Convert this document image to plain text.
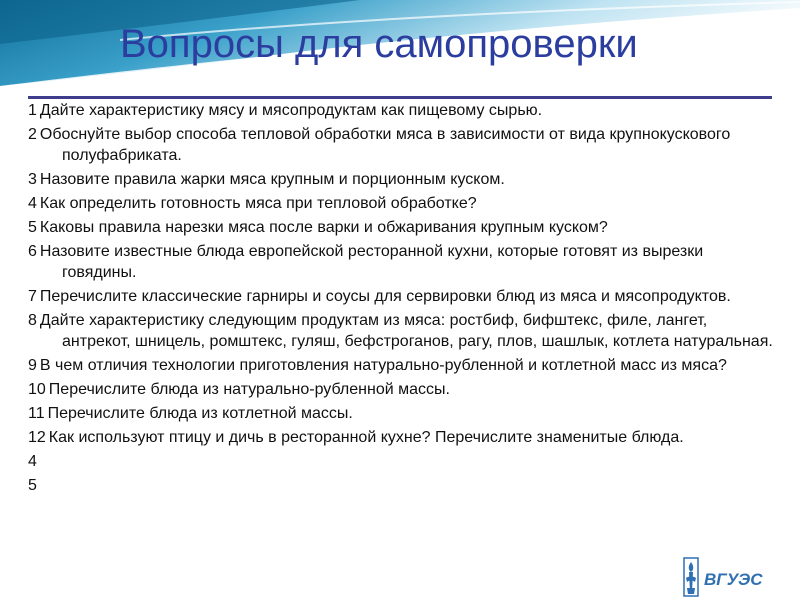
Вопросы для самопроверки
1 Дайте характеристику мясу и мясопродуктам как пищевому сырью.
2 Обоснуйте выбор способа тепловой обработки мяса в зависимости от вида крупнокускового полуфабриката.
3 Назовите правила жарки мяса крупным и порционным куском.
4 Как определить готовность мяса при тепловой обработке?
5 Каковы правила нарезки мяса после варки и обжаривания крупным куском?
6 Назовите известные блюда европейской ресторанной кухни, которые готовят из вырезки говядины.
7 Перечислите классические гарниры и соусы для сервировки блюд из мяса и мясопродуктов.
8 Дайте характеристику следующим продуктам из мяса: ростбиф, бифштекс, филе, лангет, антрекот, шницель, ромштекс, гуляш, бефстроганов, рагу, плов, шашлык, котлета натуральная.
9 В чем отличия технологии приготовления натурально-рубленной и котлетной масс из мяса?
10 Перечислите блюда из натурально-рубленной массы.
11 Перечислите блюда из котлетной массы.
12 Как используют птицу и дичь в ресторанной кухне? Перечислите знаменитые блюда.
4
5
ВГУЭС
